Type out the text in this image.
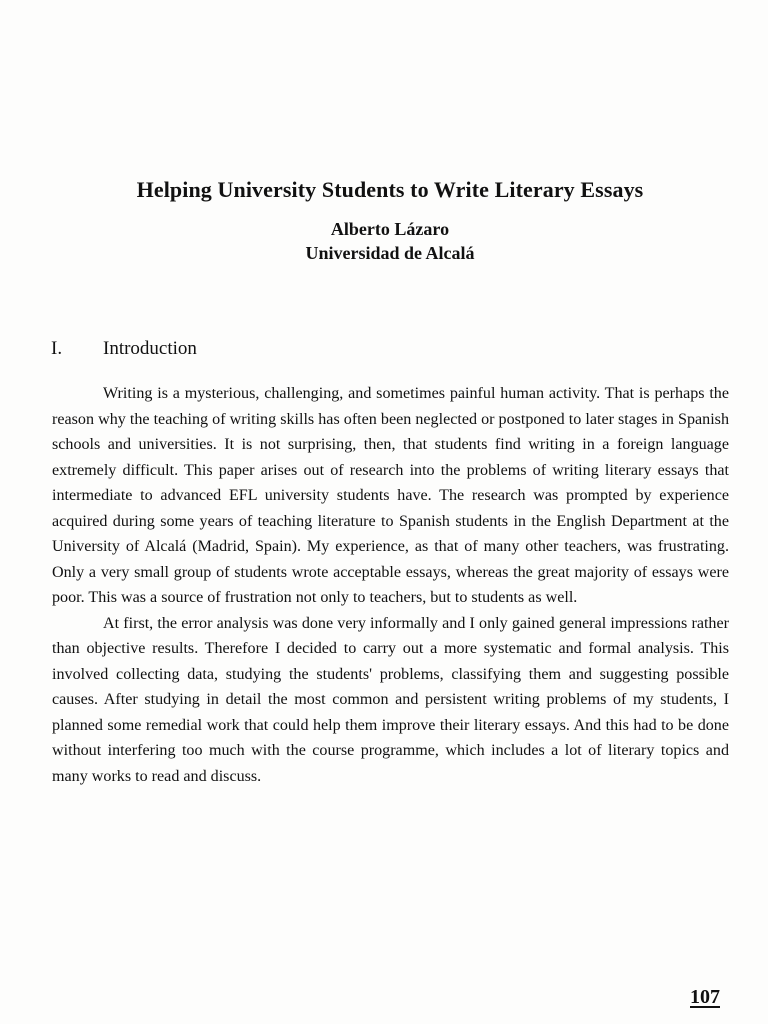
Helping University Students to Write Literary Essays
Alberto Lázaro
Universidad de Alcalá
I. Introduction

Writing is a mysterious, challenging, and sometimes painful human activity. That is perhaps the reason why the teaching of writing skills has often been neglected or postponed to later stages in Spanish schools and universities. It is not surprising, then, that students find writing in a foreign language extremely difficult. This paper arises out of research into the problems of writing literary essays that intermediate to advanced EFL university students have. The research was prompted by experience acquired during some years of teaching literature to Spanish students in the English Department at the University of Alcalá (Madrid, Spain). My experience, as that of many other teachers, was frustrating. Only a very small group of students wrote acceptable essays, whereas the great majority of essays were poor. This was a source of frustration not only to teachers, but to students as well.

At first, the error analysis was done very informally and I only gained general impressions rather than objective results. Therefore I decided to carry out a more systematic and formal analysis. This involved collecting data, studying the students' problems, classifying them and suggesting possible causes. After studying in detail the most common and persistent writing problems of my students, I planned some remedial work that could help them improve their literary essays. And this had to be done without interfering too much with the course programme, which includes a lot of literary topics and many works to read and discuss.

107
